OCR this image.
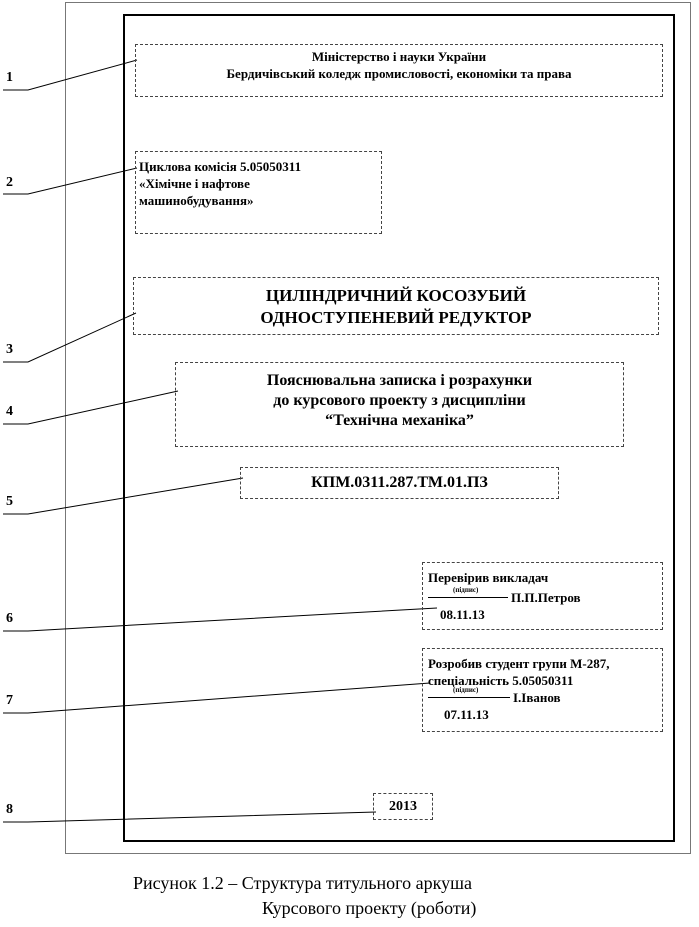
1
2
3
4
5
6
7
8
Міністерство і науки України
Бердичівський коледж промисловості, економіки та права
Циклова комісія 5.05050311
«Хімічне і нафтове
машинобудування»
ЦИЛІНДРИЧНИЙ КОСОЗУБИЙ
ОДНОСТУПЕНЕВИЙ РЕДУКТОР
Пояснювальна записка і розрахунки
до курсового проекту з дисципліни
“Технічна механіка”
КПМ.0311.287.ТМ.01.ПЗ
Перевірив викладач
(підпис)	П.П.Петров
08.11.13
Розробив студент групи М-287,
спеціальність 5.05050311
(підпис)	І.Іванов
07.11.13
2013
Рисунок 1.2 – Структура титульного аркуша
Курсового проекту (роботи)
